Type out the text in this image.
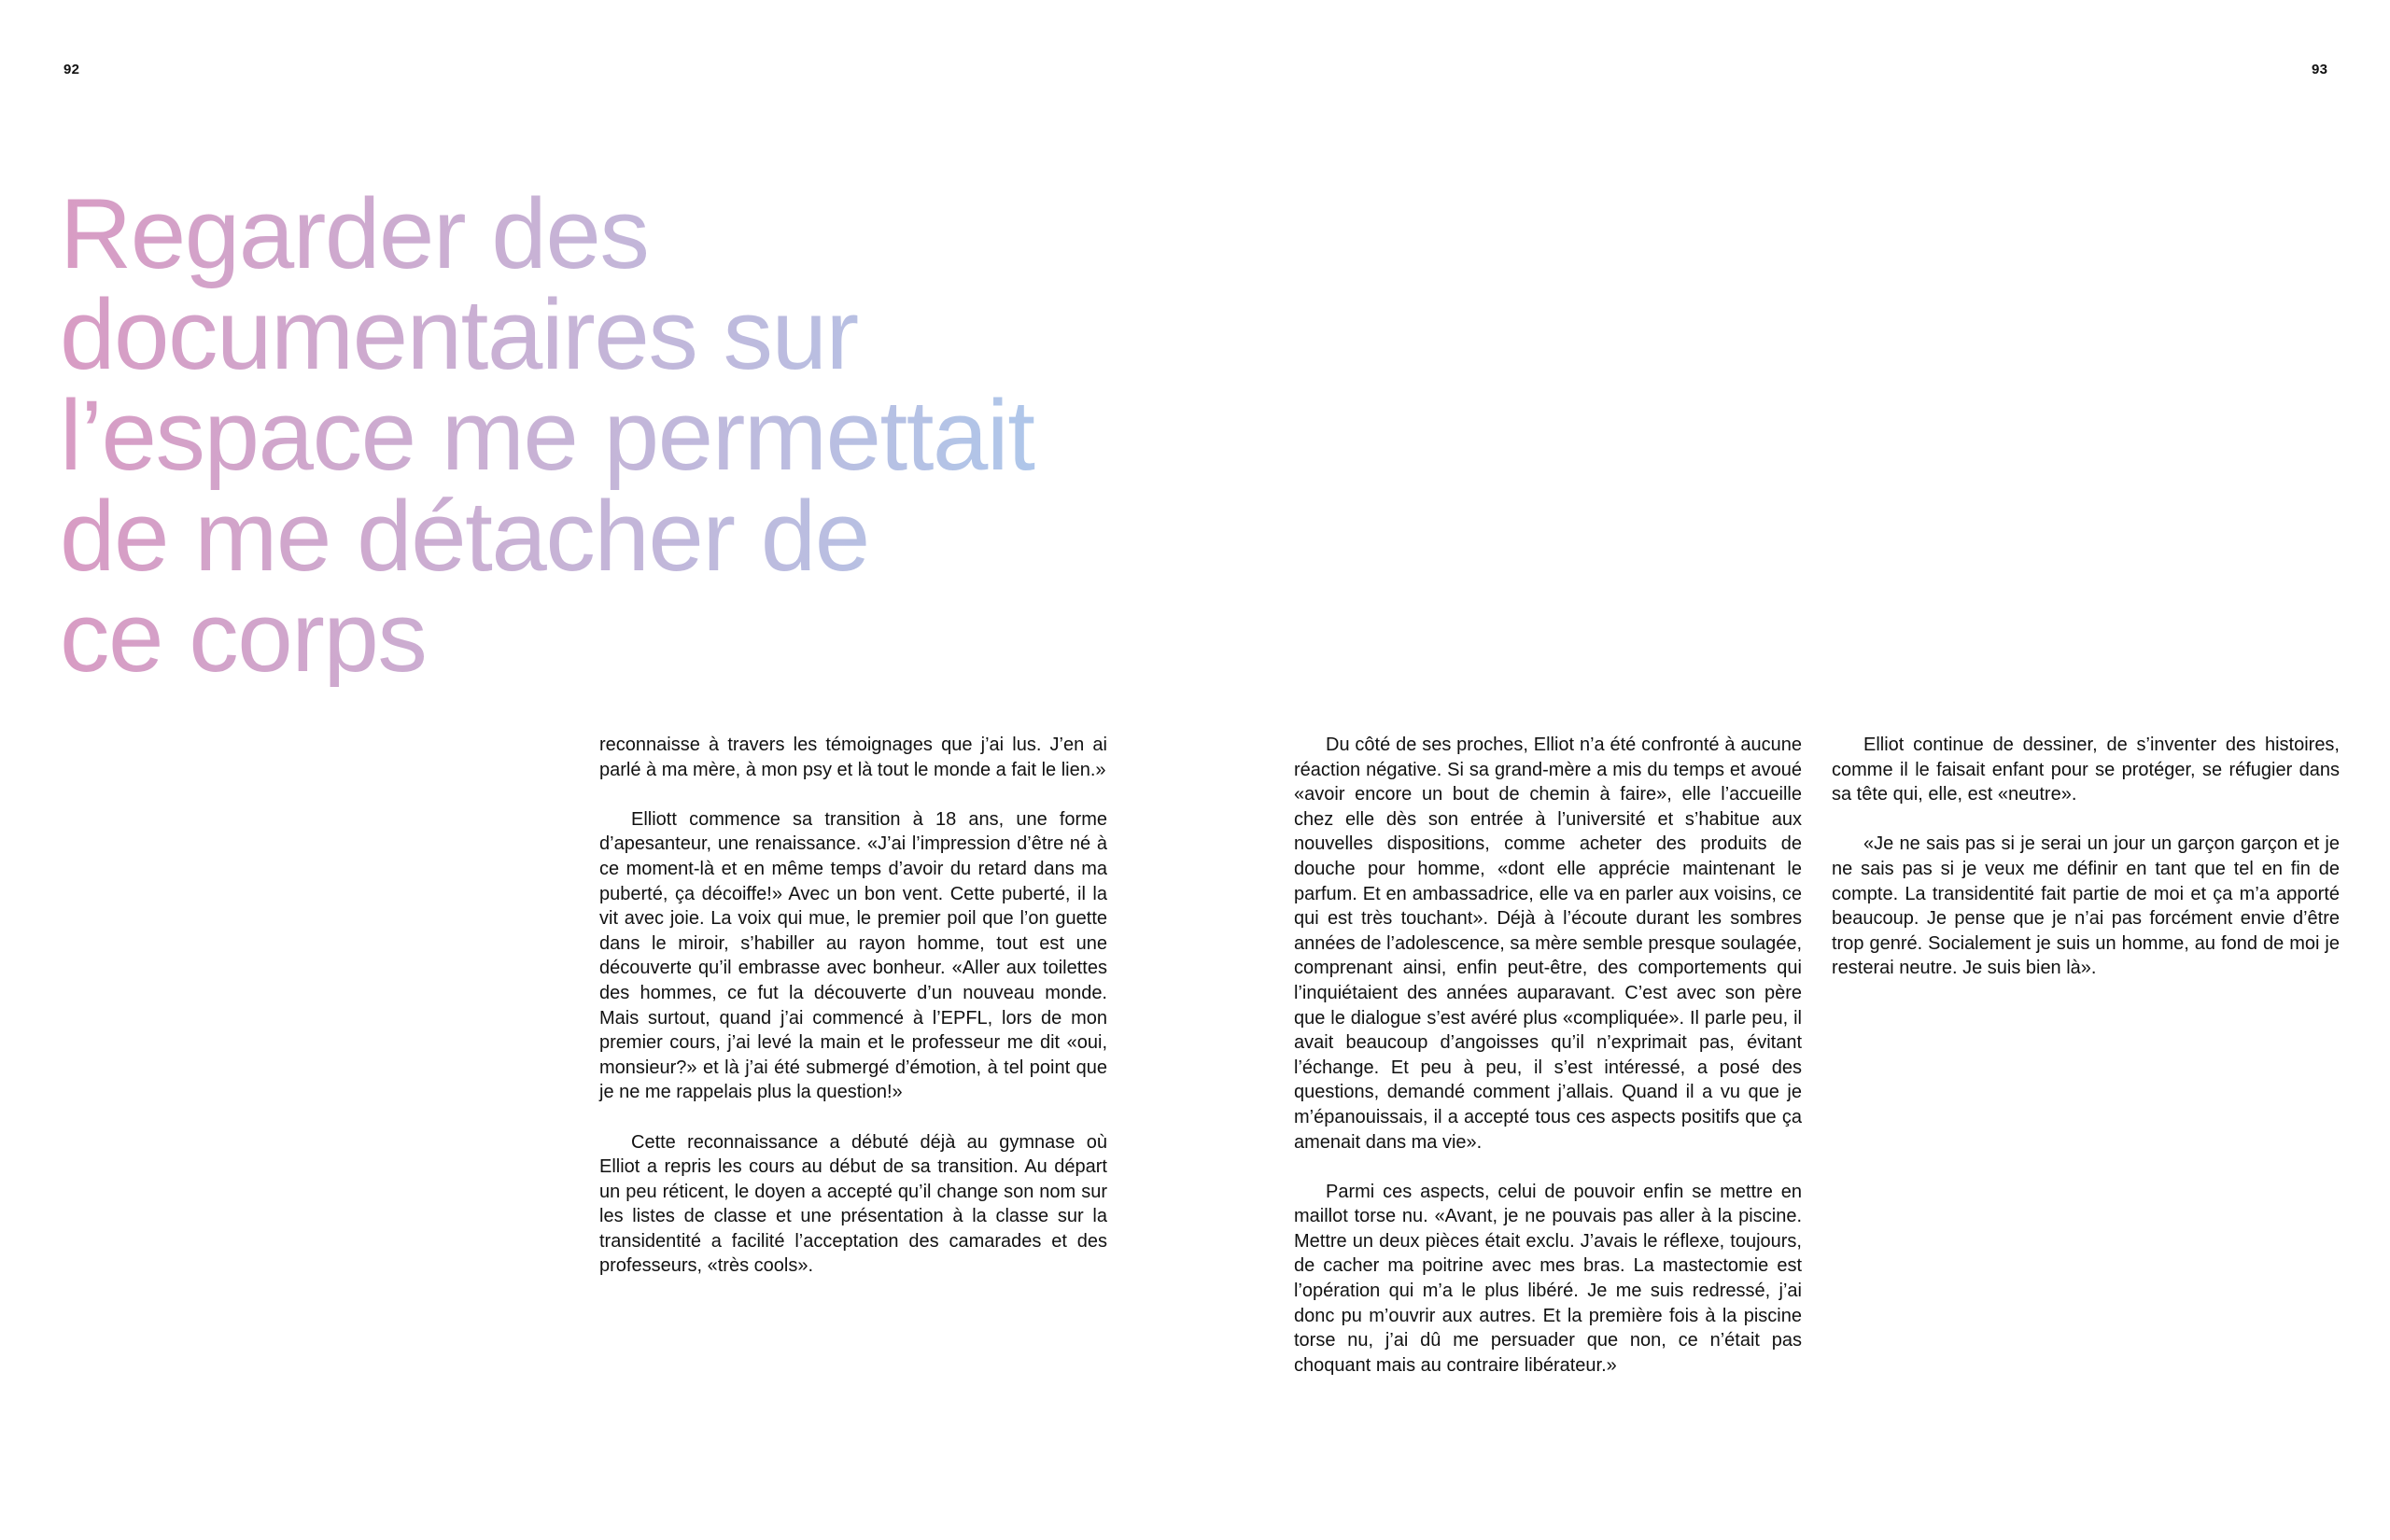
92	93
Regarder des
documentaires sur
l’espace me permettait
de me détacher de
ce corps

reconnaisse à travers les témoignages que j’ai lus. J’en ai parlé à ma mère, à mon psy et là tout le monde a fait le lien.»

Elliott commence sa transition à 18 ans, une forme d’apesanteur, une renaissance. «J’ai l’impression d’être né à ce moment-là et en même temps d’avoir du retard dans ma puberté, ça décoiffe!» Avec un bon vent. Cette puberté, il la vit avec joie. La voix qui mue, le premier poil que l’on guette dans le miroir, s’habiller au rayon homme, tout est une découverte qu’il embrasse avec bonheur. «Aller aux toilettes des hommes, ce fut la découverte d’un nouveau monde. Mais surtout, quand j’ai commencé à l’EPFL, lors de mon premier cours, j’ai levé la main et le professeur me dit «oui, monsieur?» et là j’ai été submergé d’émotion, à tel point que je ne me rappelais plus la question!»

Cette reconnaissance a débuté déjà au gymnase où Elliot a repris les cours au début de sa transition. Au départ un peu réticent, le doyen a accepté qu’il change son nom sur les listes de classe et une présentation à la classe sur la transidentité a facilité l’acceptation des camarades et des professeurs, «très cools».

Du côté de ses proches, Elliot n’a été confronté à aucune réaction négative. Si sa grand-mère a mis du temps et avoué «avoir encore un bout de chemin à faire», elle l’accueille chez elle dès son entrée à l’université et s’habitue aux nouvelles dispositions, comme acheter des produits de douche pour homme, «dont elle apprécie maintenant le parfum. Et en ambassadrice, elle va en parler aux voisins, ce qui est très touchant». Déjà à l’écoute durant les sombres années de l’adolescence, sa mère semble presque soulagée, comprenant ainsi, enfin peut-être, des comportements qui l’inquiétaient des années auparavant. C’est avec son père que le dialogue s’est avéré plus «compliquée». Il parle peu, il avait beaucoup d’angoisses qu’il n’exprimait pas, évitant l’échange. Et peu à peu, il s’est intéressé, a posé des questions, demandé comment j’allais. Quand il a vu que je m’épanouissais, il a accepté tous ces aspects positifs que ça amenait dans ma vie».

Parmi ces aspects, celui de pouvoir enfin se mettre en maillot torse nu. «Avant, je ne pouvais pas aller à la piscine. Mettre un deux pièces était exclu. J’avais le réflexe, toujours, de cacher ma poitrine avec mes bras. La mastectomie est l’opération qui m’a le plus libéré. Je me suis redressé, j’ai donc pu m’ouvrir aux autres. Et la première fois à la piscine torse nu, j’ai dû me persuader que non, ce n’était pas choquant mais au contraire libérateur.»

Elliot continue de dessiner, de s’inventer des histoires, comme il le faisait enfant pour se protéger, se réfugier dans sa tête qui, elle, est «neutre».

«Je ne sais pas si je serai un jour un garçon garçon et je ne sais pas si je veux me définir en tant que tel en fin de compte. La transidentité fait partie de moi et ça m’a apporté beaucoup. Je pense que je n’ai pas forcément envie d’être trop genré. Socialement je suis un homme, au fond de moi je resterai neutre. Je suis bien là».
